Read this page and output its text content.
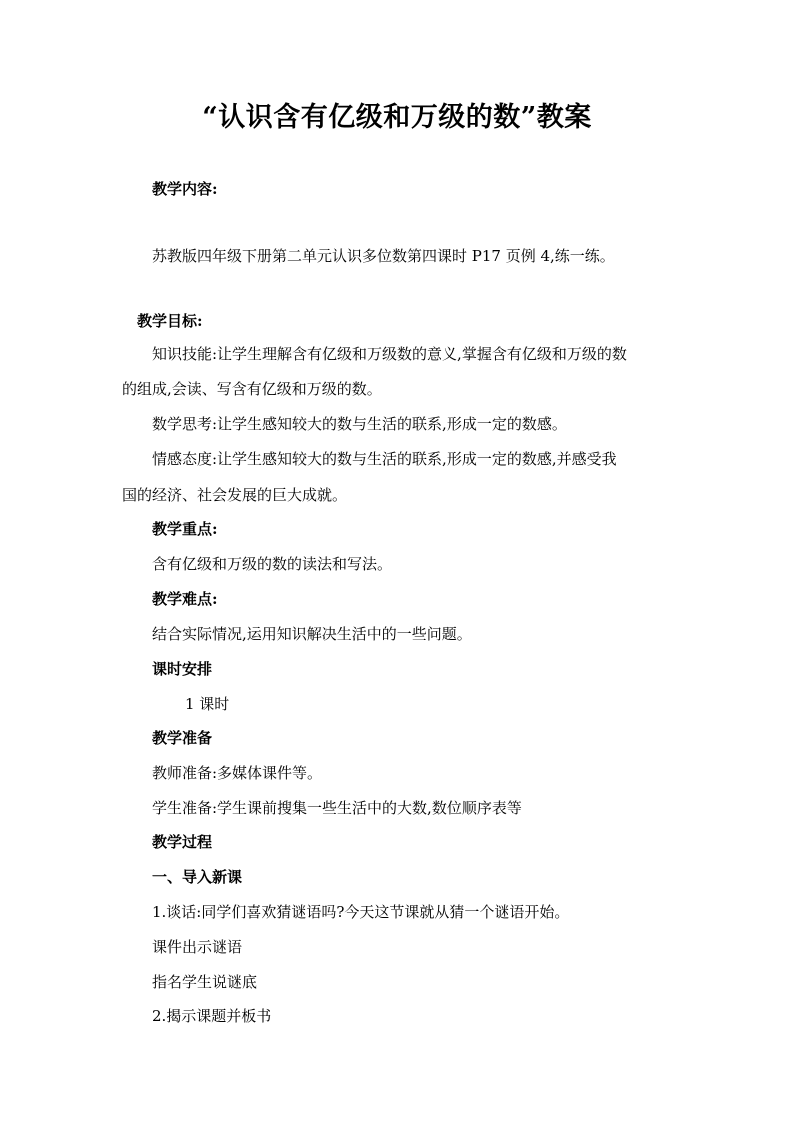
“认识含有亿级和万级的数”教案
教学内容:
苏教版四年级下册第二单元认识多位数第四课时 P17 页例 4,练一练。
教学目标:
知识技能:让学生理解含有亿级和万级数的意义,掌握含有亿级和万级的数
的组成,会读、写含有亿级和万级的数。
数学思考:让学生感知较大的数与生活的联系,形成一定的数感。
情感态度:让学生感知较大的数与生活的联系,形成一定的数感,并感受我
国的经济、社会发展的巨大成就。
教学重点:
含有亿级和万级的数的读法和写法。
教学难点:
结合实际情况,运用知识解决生活中的一些问题。
课时安排
1 课时
教学准备
教师准备:多媒体课件等。
学生准备:学生课前搜集一些生活中的大数,数位顺序表等
教学过程
一、导入新课
1.谈话:同学们喜欢猜谜语吗?今天这节课就从猜一个谜语开始。
课件出示谜语
指名学生说谜底
2.揭示课题并板书
